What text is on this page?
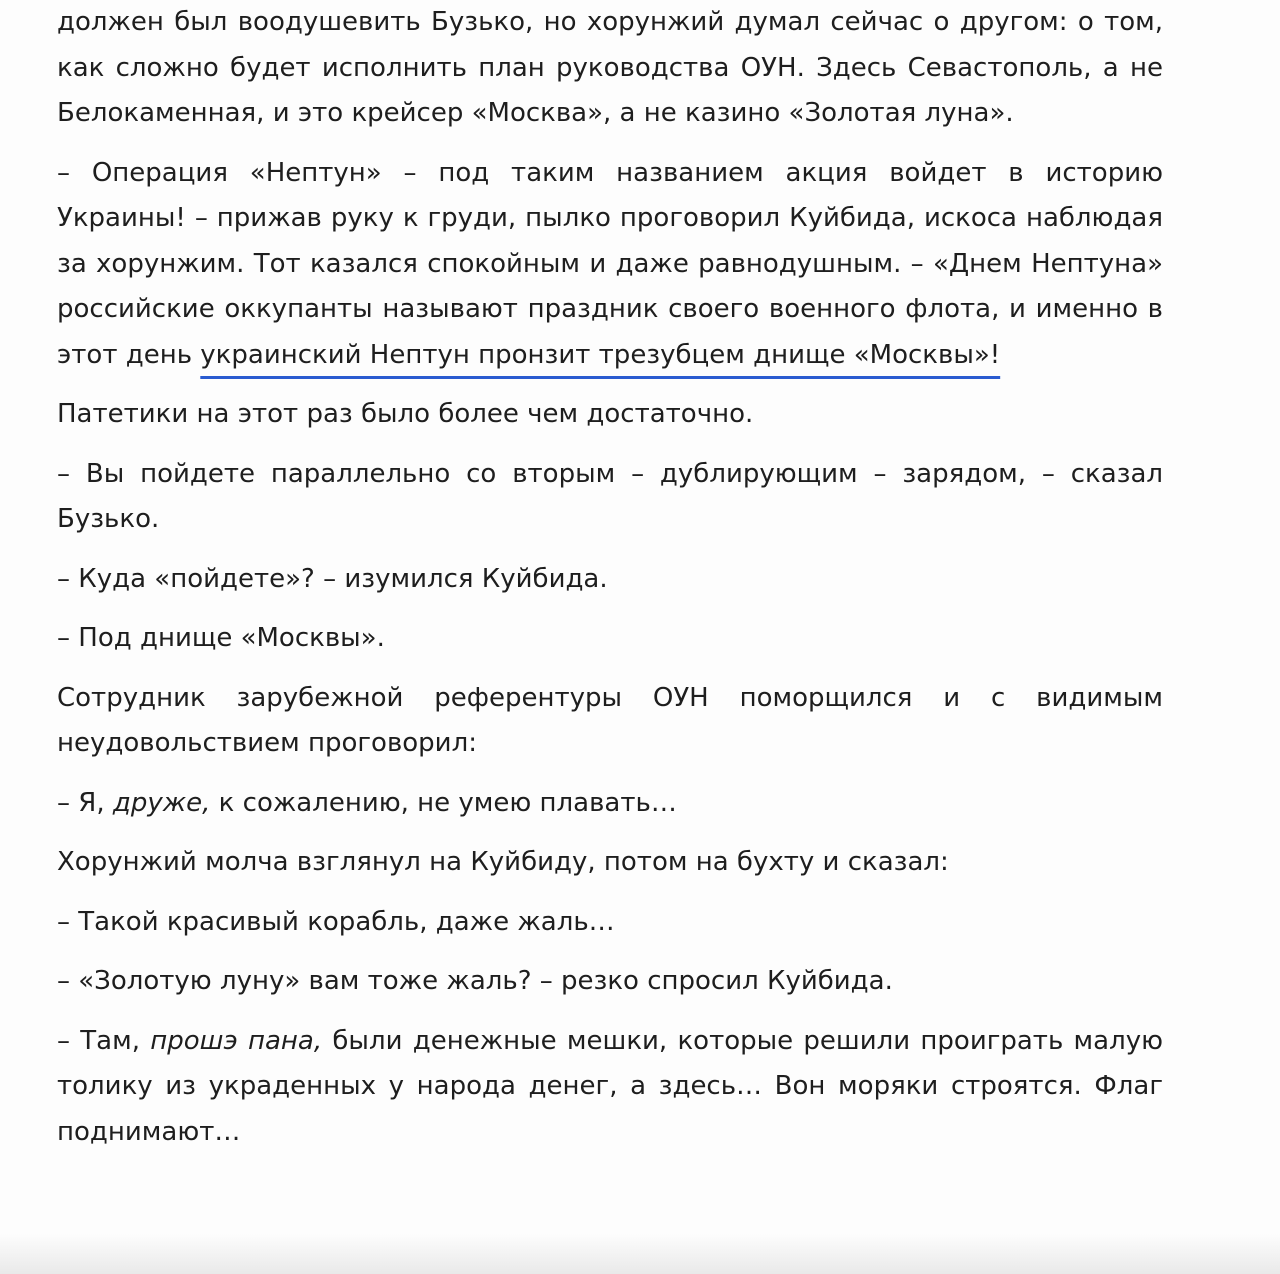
должен был воодушевить Бузько, но хорунжий думал сейчас о другом: о том, как сложно будет исполнить план руководства ОУН. Здесь Севастополь, а не Белокаменная, и это крейсер «Москва», а не казино «Золотая луна».

– Операция «Нептун» – под таким названием акция войдет в историю Украины! – прижав руку к груди, пылко проговорил Куйбида, искоса наблюдая за хорунжим. Тот казался спокойным и даже равнодушным. – «Днем Нептуна» российские оккупанты называют праздник своего военного флота, и именно в этот день украинский Нептун пронзит трезубцем днище «Москвы»!

Патетики на этот раз было более чем достаточно.

– Вы пойдете параллельно со вторым – дублирующим – зарядом, – сказал Бузько.

– Куда «пойдете»? – изумился Куйбида.

– Под днище «Москвы».

Сотрудник зарубежной референтуры ОУН поморщился и с видимым неудовольствием проговорил:

– Я, друже, к сожалению, не умею плавать…

Хорунжий молча взглянул на Куйбиду, потом на бухту и сказал:

– Такой красивый корабль, даже жаль…

– «Золотую луну» вам тоже жаль? – резко спросил Куйбида.

– Там, прошэ пана, были денежные мешки, которые решили проиграть малую толику из украденных у народа денег, а здесь… Вон моряки строятся. Флаг поднимают…
